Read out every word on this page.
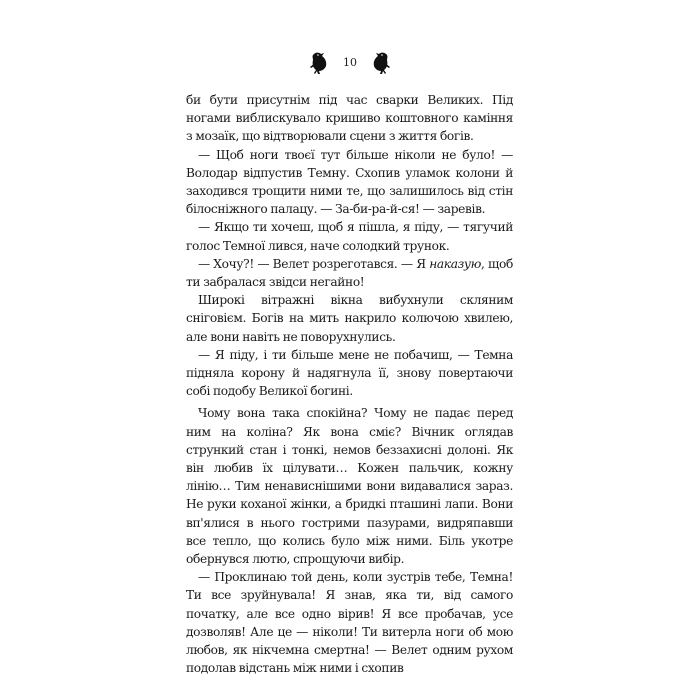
10

би бути присутнім під час сварки Великих. Під ногами виблискувало кришиво коштовного каміння з мозаїк, що відтворювали сцени з життя богів.

— Щоб ноги твоєї тут більше ніколи не було! — Володар відпустив Темну. Схопив уламок колони й заходився трощити ними те, що залишилось від стін білосніжного палацу. — За-би-ра-й-ся! — заревів.

— Якщо ти хочеш, щоб я пішла, я піду, — тягучий голос Темної лився, наче солодкий трунок.

— Хочу?! — Велет розреготався. — Я наказую, щоб ти забралася звідси негайно!

Широкі вітражні вікна вибухнули скляним сніговієм. Богів на мить накрило колючою хвилею, але вони навіть не поворухнулись.

— Я піду, і ти більше мене не побачиш, — Темна підняла корону й надягнула її, знову повертаючи собі подобу Великої богині.

Чому вона така спокійна? Чому не падає перед ним на коліна? Як вона сміє? Вічник оглядав стрункий стан і тонкі, немов беззахисні долоні. Як він любив їх цілувати… Кожен пальчик, кожну лінію… Тим ненависнішими вони видавалися зараз. Не руки коханої жінки, а бридкі пташині лапи. Вони вп'ялися в нього гострими пазурами, видряпавши все тепло, що колись було між ними. Біль укотре обернувся лютю, спрощуючи вибір.

— Проклинаю той день, коли зустрів тебе, Темна! Ти все зруйнувала! Я знав, яка ти, від самого початку, але все одно вірив! Я все пробачав, усе дозволяв! Але це — ніколи! Ти витерла ноги об мою любов, як нікчемна смертна! — Велет одним рухом подолав відстань між ними і схопив
